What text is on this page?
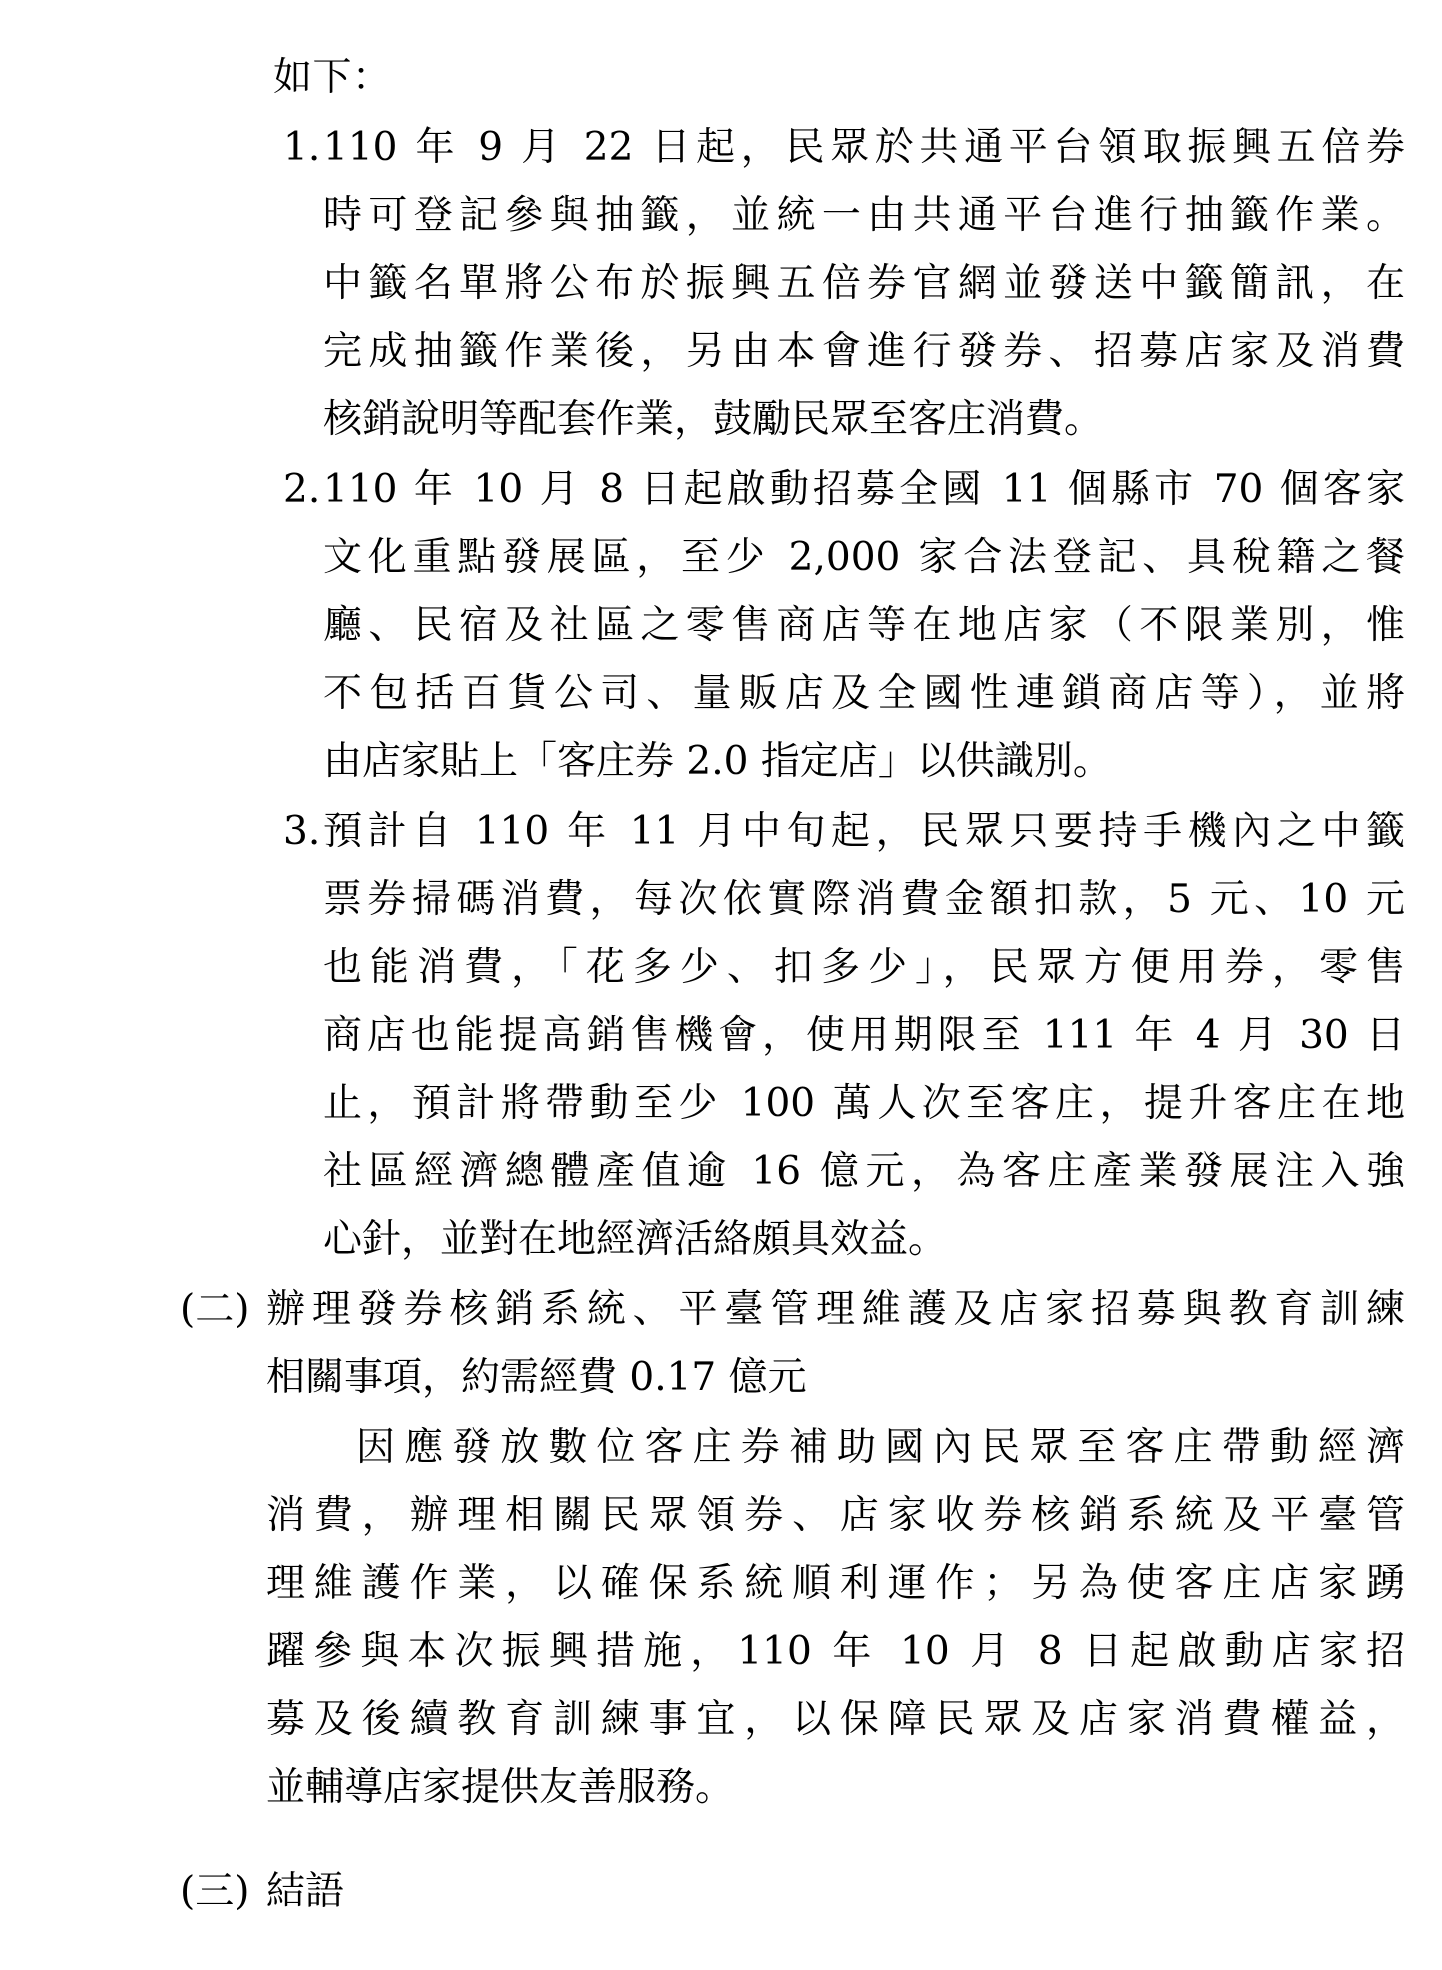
如下：
1. 110 年 9 月 22 日起，民眾於共通平台領取振興五倍券
時可登記參與抽籤，並統一由共通平台進行抽籤作業。
中籤名單將公布於振興五倍券官網並發送中籤簡訊，在
完成抽籤作業後，另由本會進行發券、招募店家及消費
核銷說明等配套作業，鼓勵民眾至客庄消費。
2. 110 年 10 月 8 日起啟動招募全國 11 個縣市 70 個客家
文化重點發展區，至少 2,000 家合法登記、具稅籍之餐
廳、民宿及社區之零售商店等在地店家（不限業別，惟
不包括百貨公司、量販店及全國性連鎖商店等），並將
由店家貼上「客庄券 2.0 指定店」以供識別。
3. 預計自 110 年 11 月中旬起，民眾只要持手機內之中籤
票券掃碼消費，每次依實際消費金額扣款，5 元、10 元
也能消費，「花多少、扣多少」，民眾方便用券，零售
商店也能提高銷售機會，使用期限至 111 年 4 月 30 日
止，預計將帶動至少 100 萬人次至客庄，提升客庄在地
社區經濟總體產值逾 16 億元，為客庄產業發展注入強
心針，並對在地經濟活絡頗具效益。
(二) 辦理發券核銷系統、平臺管理維護及店家招募與教育訓練
相關事項，約需經費 0.17 億元
因應發放數位客庄券補助國內民眾至客庄帶動經濟
消費，辦理相關民眾領券、店家收券核銷系統及平臺管
理維護作業，以確保系統順利運作；另為使客庄店家踴
躍參與本次振興措施，110 年 10 月 8 日起啟動店家招
募及後續教育訓練事宜，以保障民眾及店家消費權益，
並輔導店家提供友善服務。
(三) 結語
